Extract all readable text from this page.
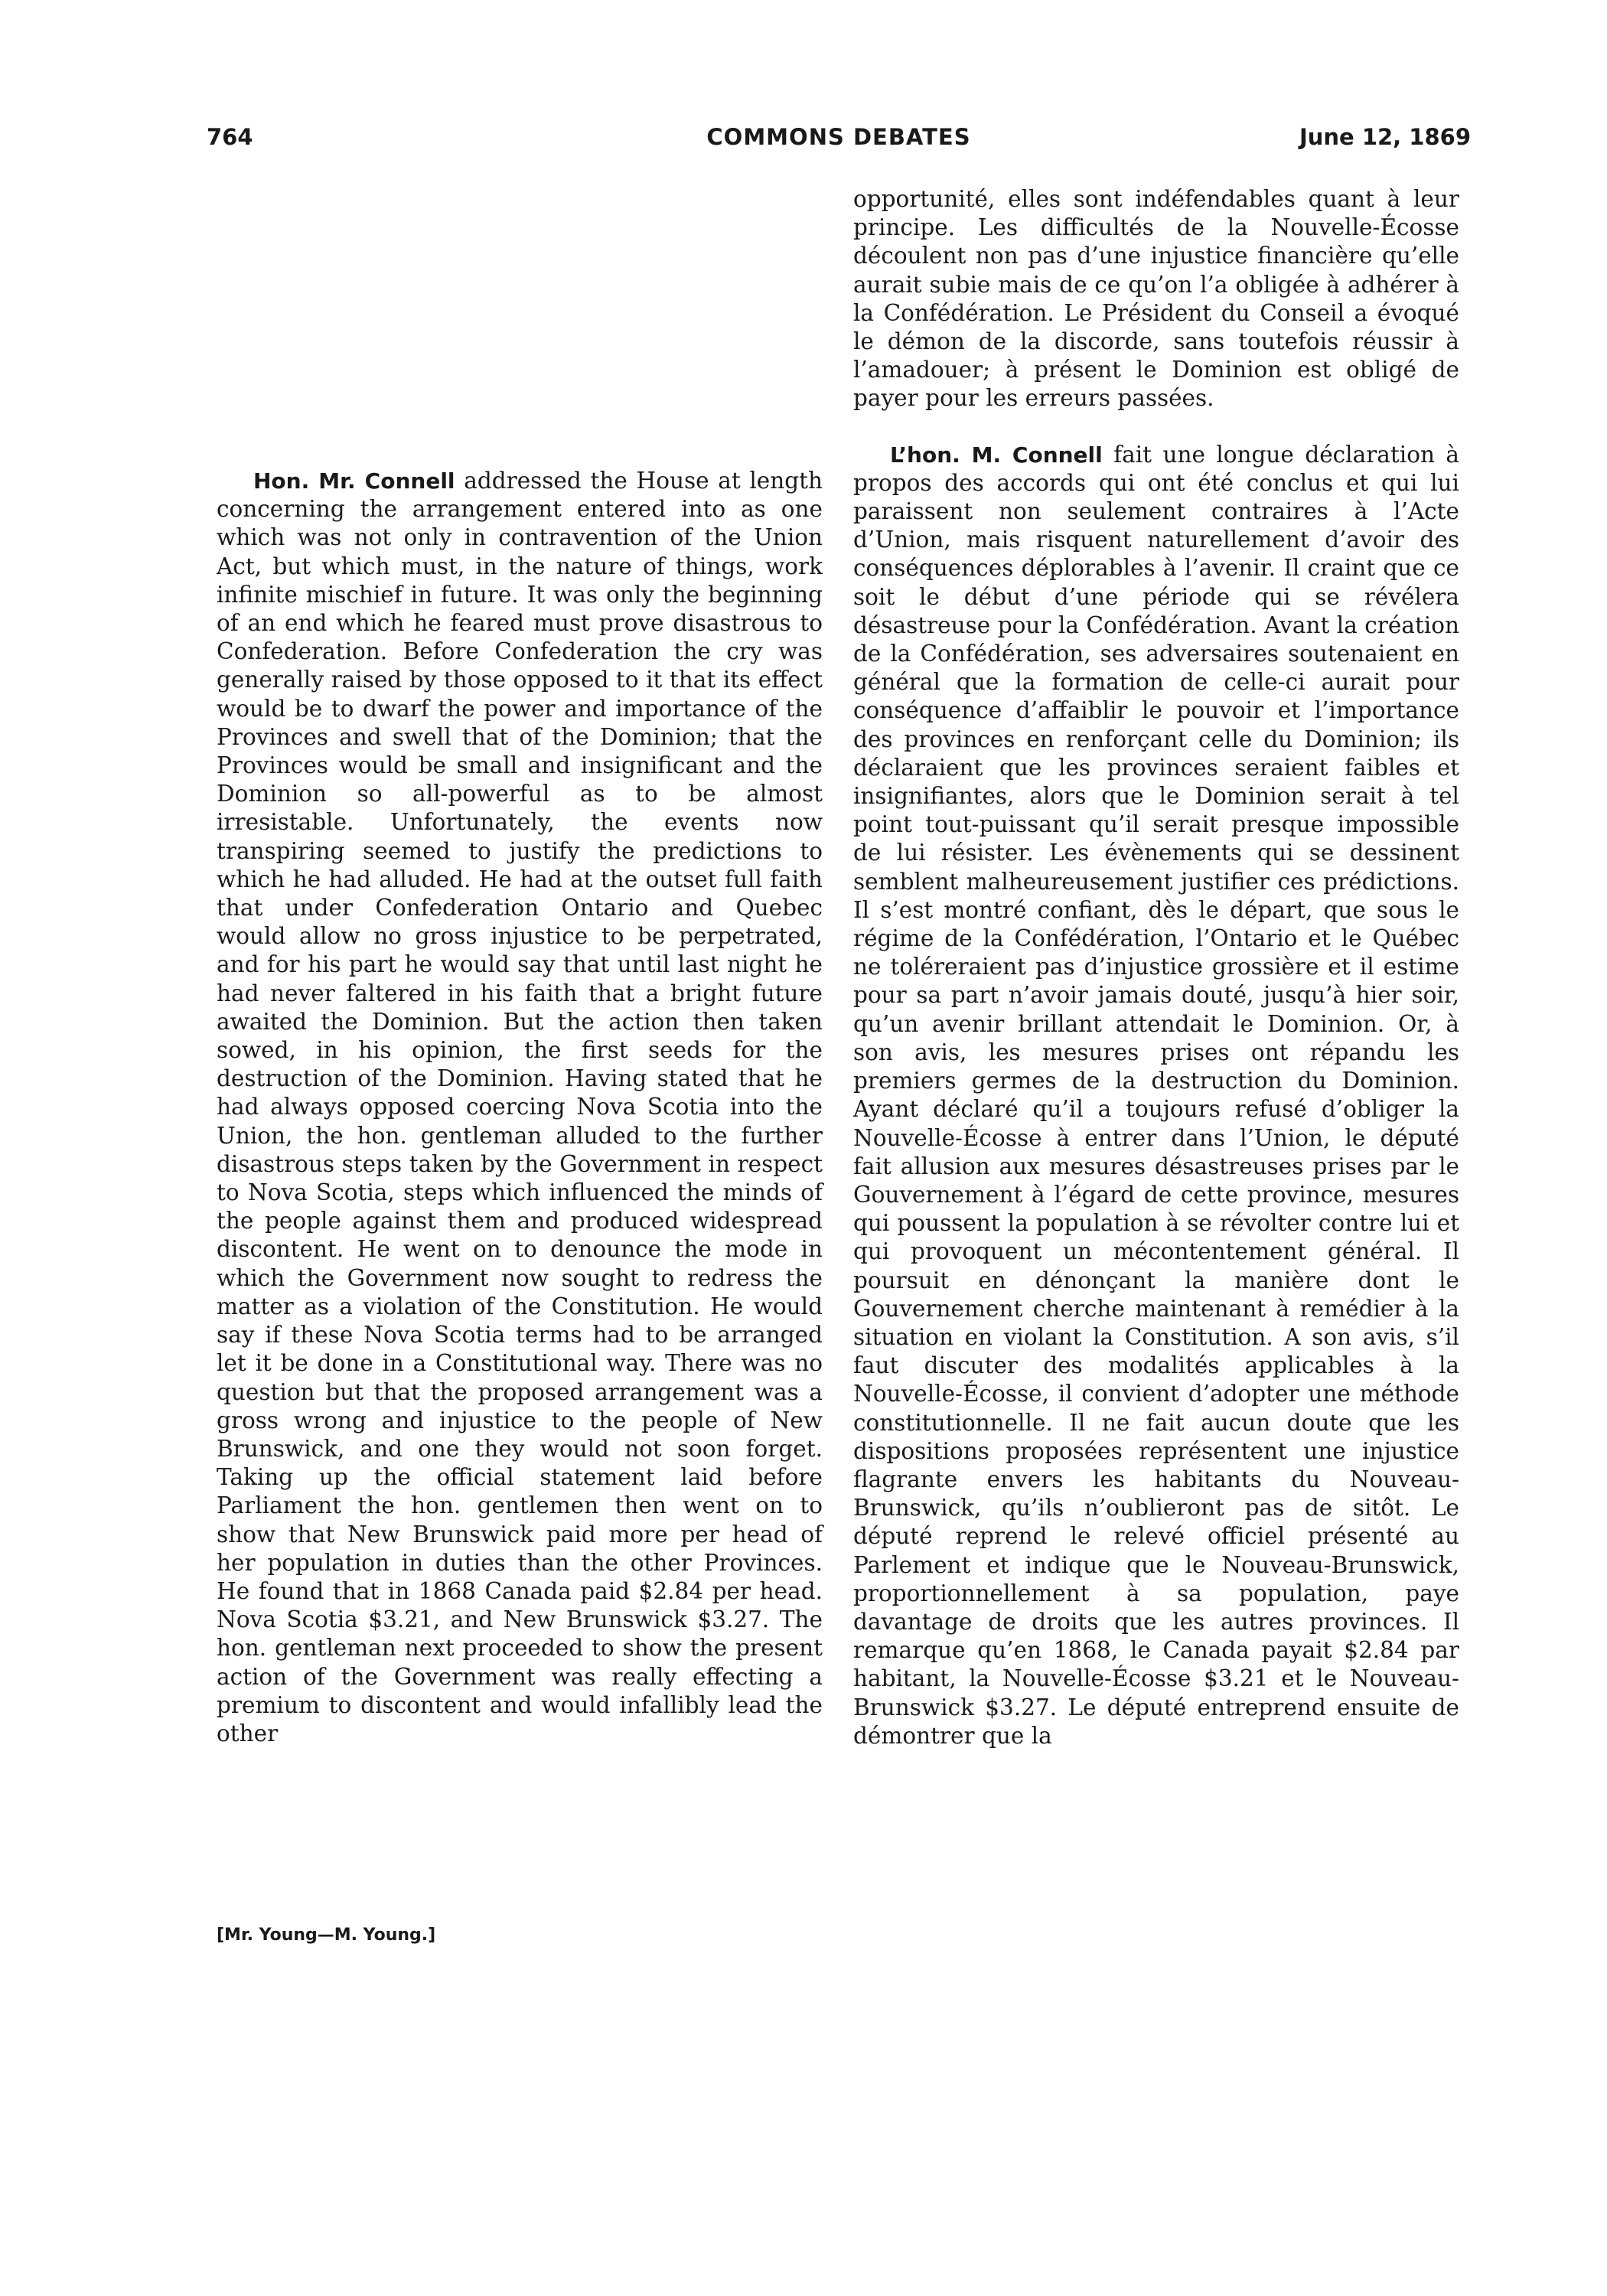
764	COMMONS DEBATES	June 12, 1869

Hon. Mr. Connell addressed the House at length concerning the arrangement entered into as one which was not only in contravention of the Union Act, but which must, in the nature of things, work infinite mischief in future. It was only the beginning of an end which he feared must prove disastrous to Confederation. Before Confederation the cry was generally raised by those opposed to it that its effect would be to dwarf the power and importance of the Provinces and swell that of the Dominion; that the Provinces would be small and insignificant and the Dominion so all-powerful as to be almost irresistable. Unfortunately, the events now transpiring seemed to justify the predictions to which he had alluded. He had at the outset full faith that under Confederation Ontario and Quebec would allow no gross injustice to be perpetrated, and for his part he would say that until last night he had never faltered in his faith that a bright future awaited the Dominion. But the action then taken sowed, in his opinion, the first seeds for the destruction of the Dominion. Having stated that he had always opposed coercing Nova Scotia into the Union, the hon. gentleman alluded to the further disastrous steps taken by the Government in respect to Nova Scotia, steps which influenced the minds of the people against them and produced widespread discontent. He went on to denounce the mode in which the Government now sought to redress the matter as a violation of the Constitution. He would say if these Nova Scotia terms had to be arranged let it be done in a Constitutional way. There was no question but that the proposed arrangement was a gross wrong and injustice to the people of New Brunswick, and one they would not soon forget. Taking up the official statement laid before Parliament the hon. gentlemen then went on to show that New Brunswick paid more per head of her population in duties than the other Provinces. He found that in 1868 Canada paid $2.84 per head. Nova Scotia $3.21, and New Brunswick $3.27. The hon. gentleman next proceeded to show the present action of the Government was really effecting a premium to discontent and would infallibly lead the other

[Mr. Young—M. Young.]

opportunité, elles sont indéfendables quant à leur principe. Les difficultés de la Nouvelle-Écosse découlent non pas d’une injustice financière qu’elle aurait subie mais de ce qu’on l’a obligée à adhérer à la Confédération. Le Président du Conseil a évoqué le démon de la discorde, sans toutefois réussir à l’amadouer; à présent le Dominion est obligé de payer pour les erreurs passées.

L’hon. M. Connell fait une longue déclaration à propos des accords qui ont été conclus et qui lui paraissent non seulement contraires à l’Acte d’Union, mais risquent naturellement d’avoir des conséquences déplorables à l’avenir. Il craint que ce soit le début d’une période qui se révélera désastreuse pour la Confédération. Avant la création de la Confédération, ses adversaires soutenaient en général que la formation de celle-ci aurait pour conséquence d’affaiblir le pouvoir et l’importance des provinces en renforçant celle du Dominion; ils déclaraient que les provinces seraient faibles et insignifiantes, alors que le Dominion serait à tel point tout-puissant qu’il serait presque impossible de lui résister. Les évènements qui se dessinent semblent malheureusement justifier ces prédictions. Il s’est montré confiant, dès le départ, que sous le régime de la Confédération, l’Ontario et le Québec ne toléreraient pas d’injustice grossière et il estime pour sa part n’avoir jamais douté, jusqu’à hier soir, qu’un avenir brillant attendait le Dominion. Or, à son avis, les mesures prises ont répandu les premiers germes de la destruction du Dominion. Ayant déclaré qu’il a toujours refusé d’obliger la Nouvelle-Écosse à entrer dans l’Union, le député fait allusion aux mesures désastreuses prises par le Gouvernement à l’égard de cette province, mesures qui poussent la population à se révolter contre lui et qui provoquent un mécontentement général. Il poursuit en dénonçant la manière dont le Gouvernement cherche maintenant à remédier à la situation en violant la Constitution. A son avis, s’il faut discuter des modalités applicables à la Nouvelle-Écosse, il convient d’adopter une méthode constitutionnelle. Il ne fait aucun doute que les dispositions proposées représentent une injustice flagrante envers les habitants du Nouveau-Brunswick, qu’ils n’oublieront pas de sitôt. Le député reprend le relevé officiel présenté au Parlement et indique que le Nouveau-Brunswick, proportionnellement à sa population, paye davantage de droits que les autres provinces. Il remarque qu’en 1868, le Canada payait $2.84 par habitant, la Nouvelle-Écosse $3.21 et le Nouveau-Brunswick $3.27. Le député entreprend ensuite de démontrer que la
